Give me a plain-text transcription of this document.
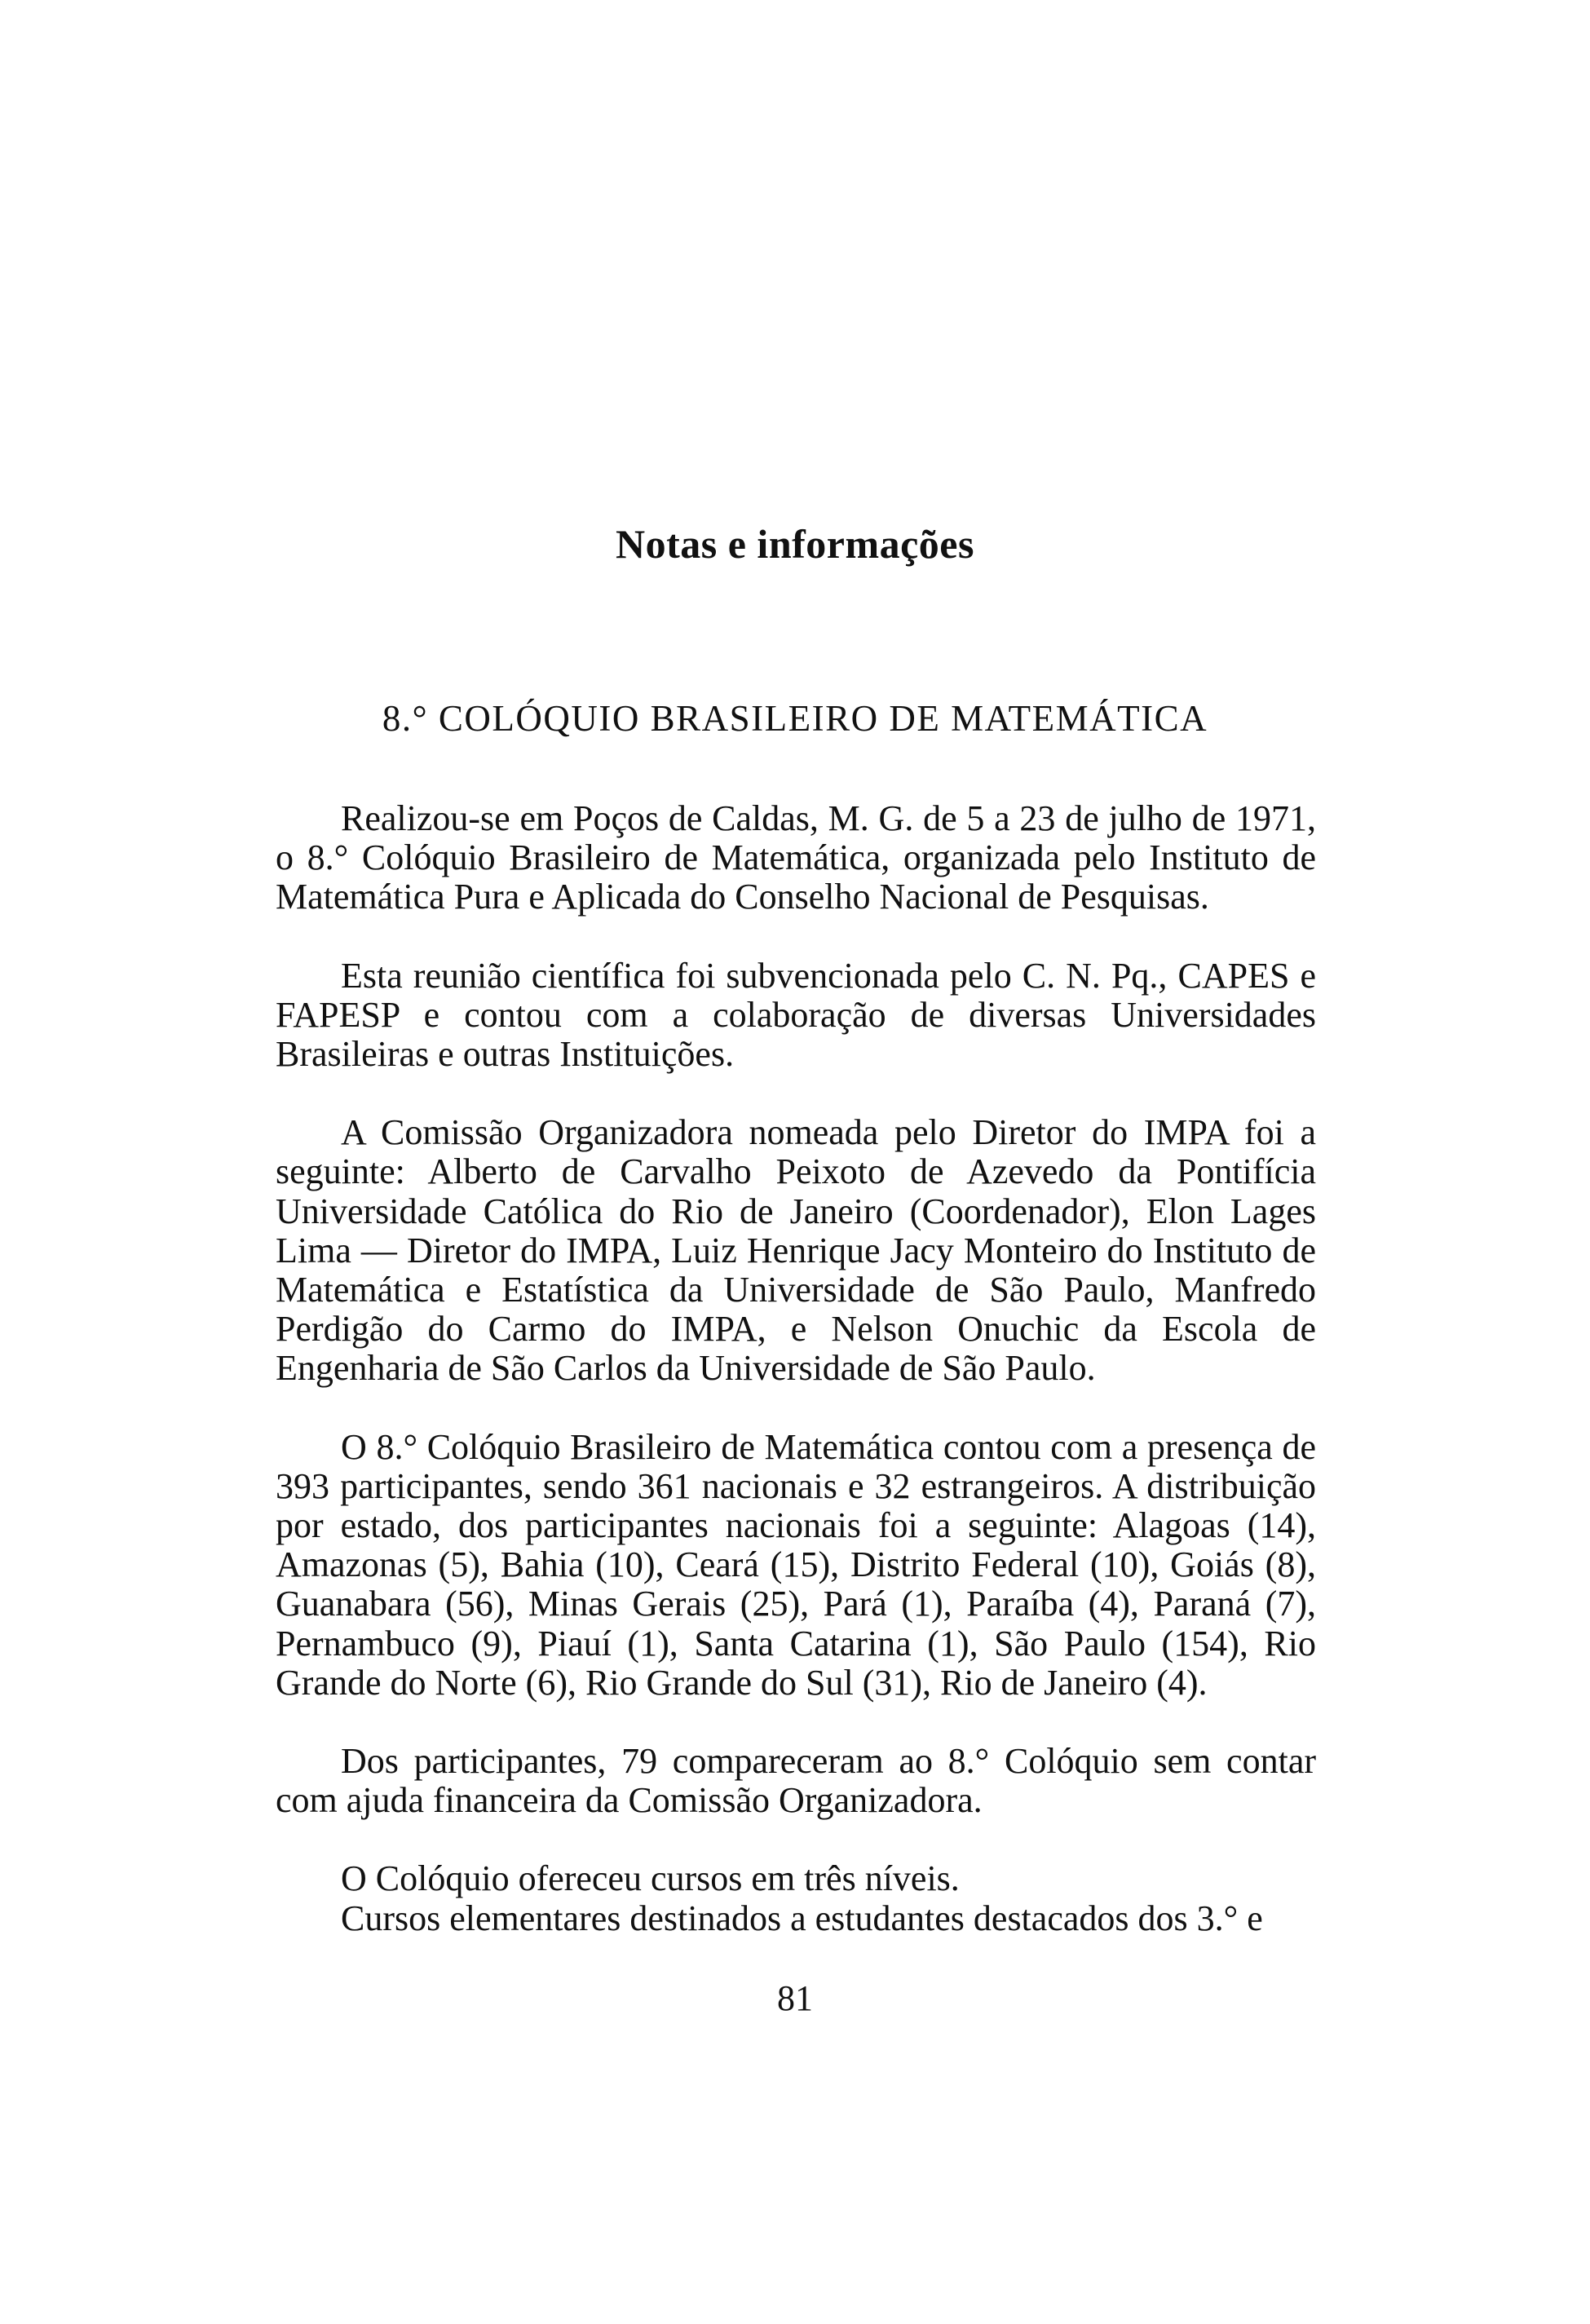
Notas e informações
8.° COLÓQUIO BRASILEIRO DE MATEMÁTICA

Realizou-se em Poços de Caldas, M. G. de 5 a 23 de julho de 1971, o 8.° Colóquio Brasileiro de Matemática, organizada pelo Instituto de Matemática Pura e Aplicada do Conselho Nacional de Pesquisas.

Esta reunião científica foi subvencionada pelo C. N. Pq., CAPES e FAPESP e contou com a colaboração de diversas Universidades Brasileiras e outras Instituições.

A Comissão Organizadora nomeada pelo Diretor do IMPA foi a seguinte: Alberto de Carvalho Peixoto de Azevedo da Pontifícia Universidade Católica do Rio de Janeiro (Coordenador), Elon Lages Lima — Diretor do IMPA, Luiz Henrique Jacy Monteiro do Instituto de Matemática e Estatística da Universidade de São Paulo, Manfredo Perdigão do Carmo do IMPA, e Nelson Onuchic da Escola de Engenharia de São Carlos da Universidade de São Paulo.

O 8.° Colóquio Brasileiro de Matemática contou com a presença de 393 participantes, sendo 361 nacionais e 32 estrangeiros. A distribuição por estado, dos participantes nacionais foi a seguinte: Alagoas (14), Amazonas (5), Bahia (10), Ceará (15), Distrito Federal (10), Goiás (8), Guanabara (56), Minas Gerais (25), Pará (1), Paraíba (4), Paraná (7), Pernambuco (9), Piauí (1), Santa Catarina (1), São Paulo (154), Rio Grande do Norte (6), Rio Grande do Sul (31), Rio de Janeiro (4).

Dos participantes, 79 compareceram ao 8.° Colóquio sem contar com ajuda financeira da Comissão Organizadora.

O Colóquio ofereceu cursos em três níveis.

Cursos elementares destinados a estudantes destacados dos 3.° e

81
